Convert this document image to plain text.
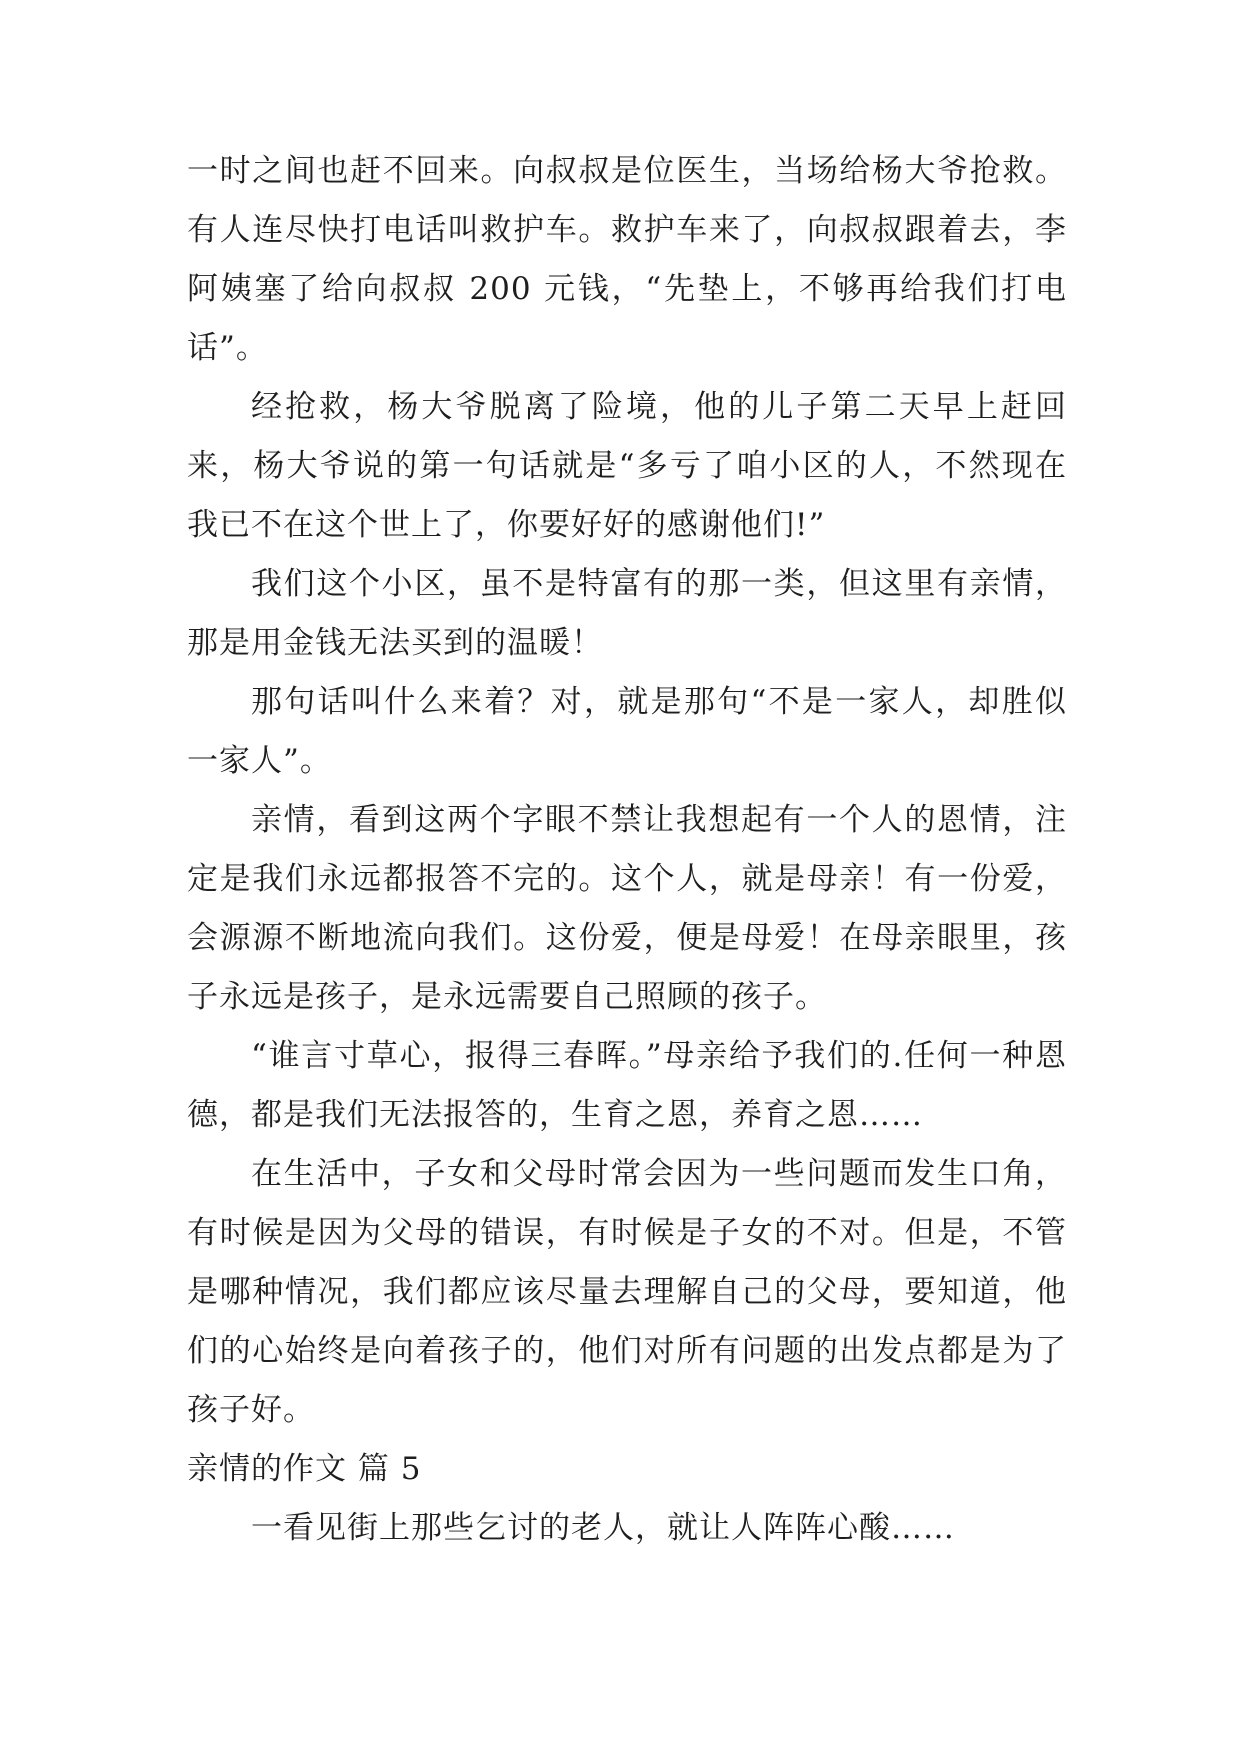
一时之间也赶不回来。向叔叔是位医生，当场给杨大爷抢救。有人连尽快打电话叫救护车。救护车来了，向叔叔跟着去，李阿姨塞了给向叔叔 200 元钱，“先垫上，不够再给我们打电话”。

经抢救，杨大爷脱离了险境，他的儿子第二天早上赶回来，杨大爷说的第一句话就是“多亏了咱小区的人，不然现在我已不在这个世上了，你要好好的感谢他们!”

我们这个小区，虽不是特富有的那一类，但这里有亲情，那是用金钱无法买到的温暖！

那句话叫什么来着？对，就是那句“不是一家人，却胜似一家人”。

亲情，看到这两个字眼不禁让我想起有一个人的恩情，注定是我们永远都报答不完的。这个人，就是母亲！有一份爱，会源源不断地流向我们。这份爱，便是母爱！在母亲眼里，孩子永远是孩子，是永远需要自己照顾的孩子。

“谁言寸草心，报得三春晖。”母亲给予我们的.任何一种恩德，都是我们无法报答的，生育之恩，养育之恩……

在生活中，子女和父母时常会因为一些问题而发生口角，有时候是因为父母的错误，有时候是子女的不对。但是，不管是哪种情况，我们都应该尽量去理解自己的父母，要知道，他们的心始终是向着孩子的，他们对所有问题的出发点都是为了孩子好。

亲情的作文 篇 5

一看见街上那些乞讨的老人，就让人阵阵心酸……
